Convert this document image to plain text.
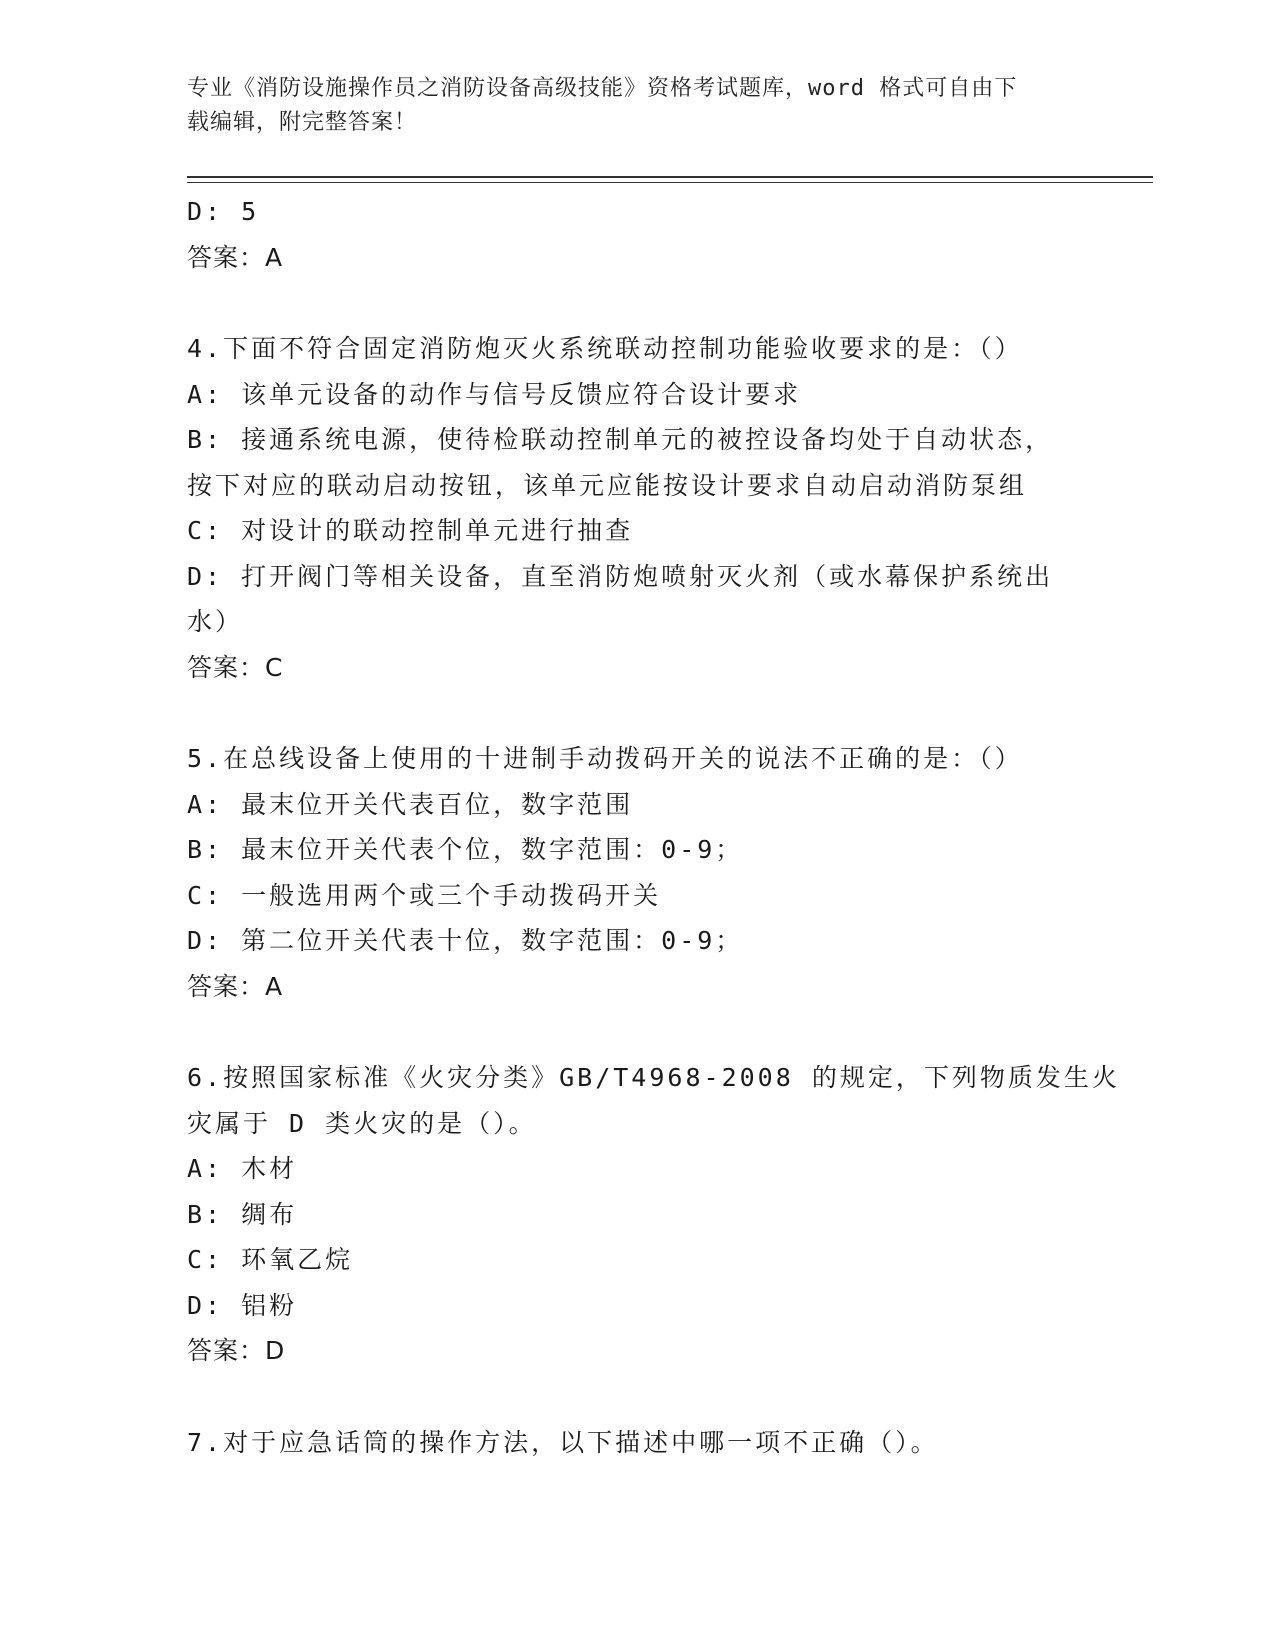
专业《消防设施操作员之消防设备高级技能》资格考试题库，word 格式可自由下
载编辑，附完整答案！
D: 5
答案：A
4.下面不符合固定消防炮灭火系统联动控制功能验收要求的是：（）
A: 该单元设备的动作与信号反馈应符合设计要求
B: 接通系统电源，使待检联动控制单元的被控设备均处于自动状态，
按下对应的联动启动按钮，该单元应能按设计要求自动启动消防泵组
C: 对设计的联动控制单元进行抽查
D: 打开阀门等相关设备，直至消防炮喷射灭火剂（或水幕保护系统出
水）
答案：C
5.在总线设备上使用的十进制手动拨码开关的说法不正确的是：（）
A: 最末位开关代表百位，数字范围
B: 最末位开关代表个位，数字范围：0-9；
C: 一般选用两个或三个手动拨码开关
D: 第二位开关代表十位，数字范围：0-9；
答案：A
6.按照国家标准《火灾分类》GB/T4968-2008 的规定，下列物质发生火
灾属于 D 类火灾的是（）。
A: 木材
B: 绸布
C: 环氧乙烷
D: 铝粉
答案：D
7.对于应急话筒的操作方法，以下描述中哪一项不正确（）。
